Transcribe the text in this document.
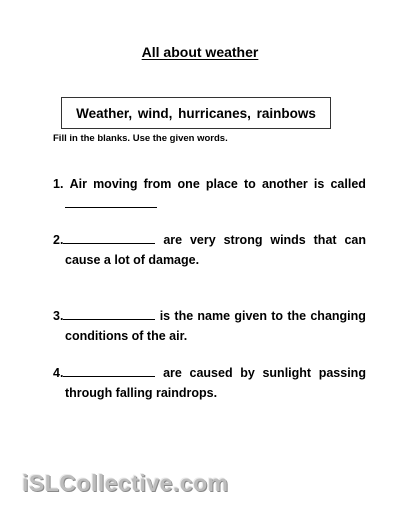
All about weather
Weather, wind, hurricanes, rainbows
Fill in the blanks. Use the given words.
1. Air moving from one place to another is called
2.	are very strong winds that can
cause a lot of damage.
3.	is the name given to the changing
conditions of the air.
4.	are caused by sunlight passing
through falling raindrops.
iSLCollective.com
